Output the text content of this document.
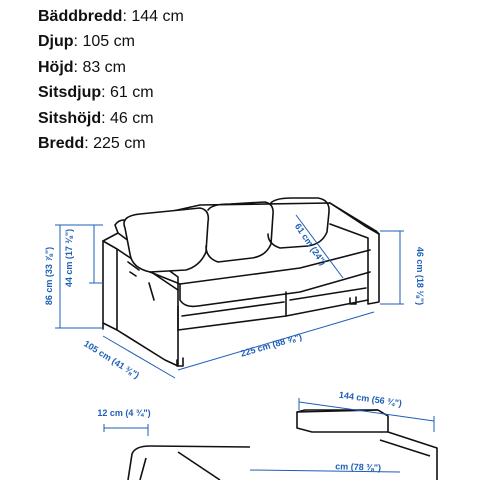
Bäddbredd: 144 cm
Djup: 105 cm
Höjd: 83 cm
Sitsdjup: 61 cm
Sitshöjd: 46 cm
Bredd: 225 cm
86 cm (33 ⅞") 44 cm (17 ⅜")	61 cm (24")
46 cm (18 ⅛")
105 cm (41 ⅜")	225 cm (88 ⅝")
144 cm (56 ¾")
12 cm (4 ¾")
cm (78 ⅜")
